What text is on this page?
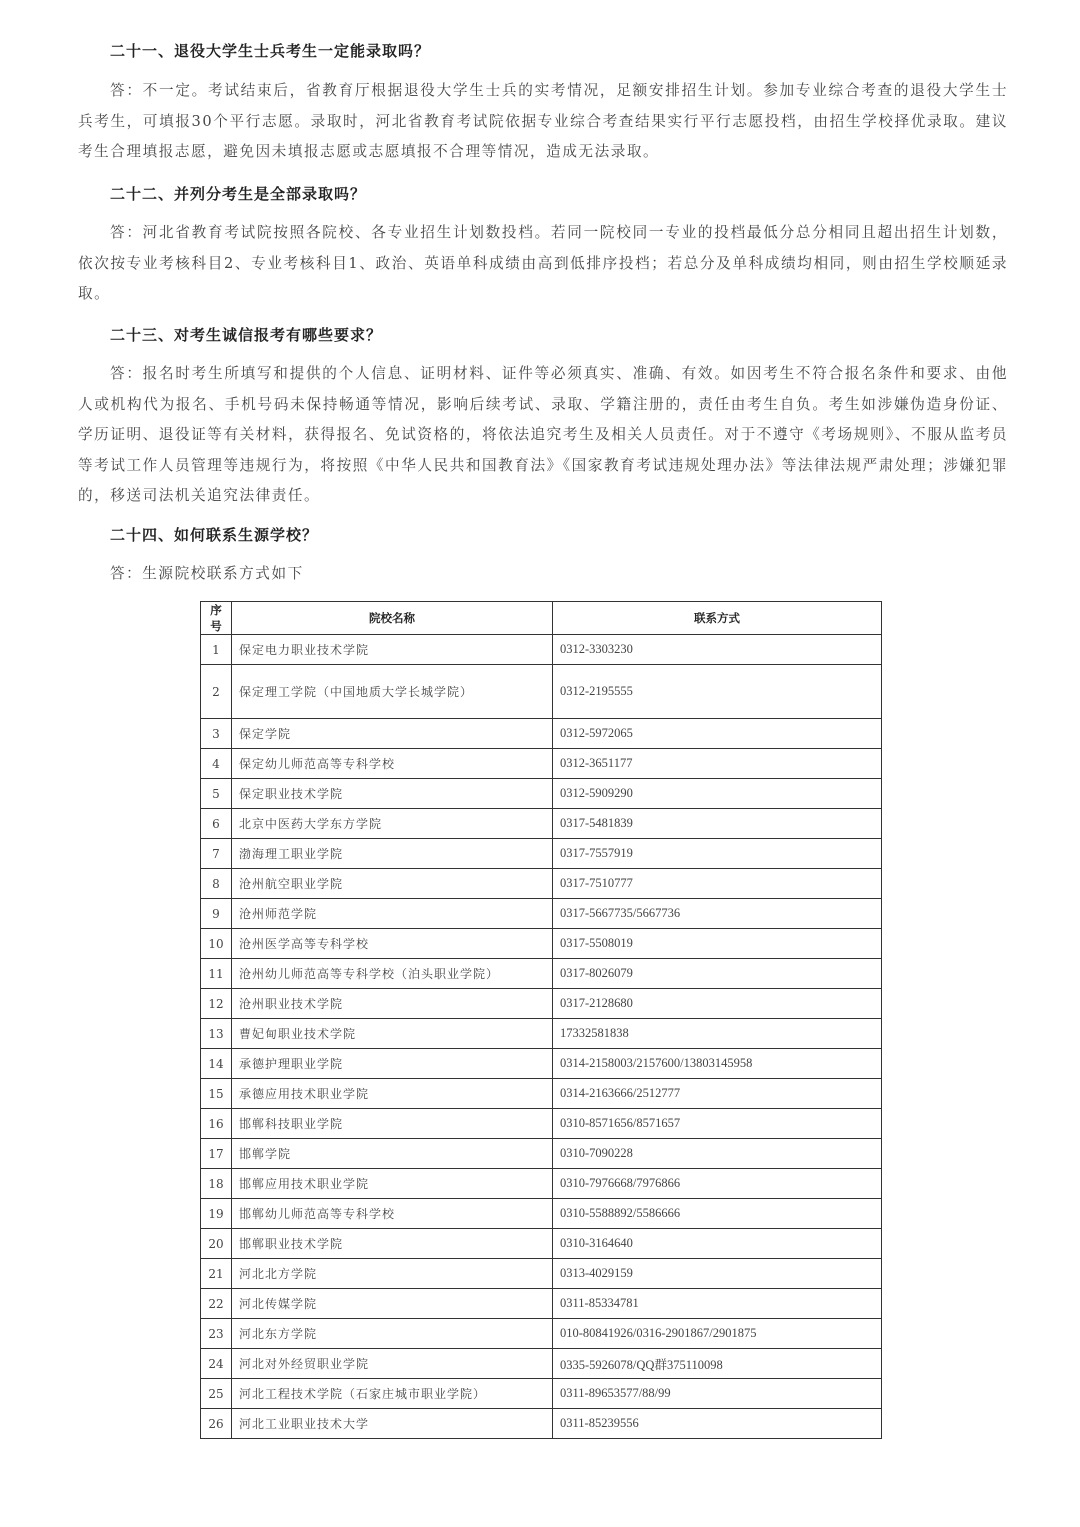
二十一、退役大学生士兵考生一定能录取吗？

答：不一定。考试结束后，省教育厅根据退役大学生士兵的实考情况，足额安排招生计划。参加专业综合考查的退役大学生士兵考生，可填报30个平行志愿。录取时，河北省教育考试院依据专业综合考查结果实行平行志愿投档，由招生学校择优录取。建议考生合理填报志愿，避免因未填报志愿或志愿填报不合理等情况，造成无法录取。

二十二、并列分考生是全部录取吗？

答：河北省教育考试院按照各院校、各专业招生计划数投档。若同一院校同一专业的投档最低分总分相同且超出招生计划数，依次按专业考核科目2、专业考核科目1、政治、英语单科成绩由高到低排序投档；若总分及单科成绩均相同，则由招生学校顺延录取。

二十三、对考生诚信报考有哪些要求？

答：报名时考生所填写和提供的个人信息、证明材料、证件等必须真实、准确、有效。如因考生不符合报名条件和要求、由他人或机构代为报名、手机号码未保持畅通等情况，影响后续考试、录取、学籍注册的，责任由考生自负。考生如涉嫌伪造身份证、学历证明、退役证等有关材料，获得报名、免试资格的，将依法追究考生及相关人员责任。对于不遵守《考场规则》、不服从监考员等考试工作人员管理等违规行为，将按照《中华人民共和国教育法》《国家教育考试违规处理办法》等法律法规严肃处理；涉嫌犯罪的，移送司法机关追究法律责任。

二十四、如何联系生源学校？

答：生源院校联系方式如下

序号	院校名称	联系方式
1	保定电力职业技术学院	0312-3303230
2	保定理工学院（中国地质大学长城学院）	0312-2195555
3	保定学院	0312-5972065
4	保定幼儿师范高等专科学校	0312-3651177
5	保定职业技术学院	0312-5909290
6	北京中医药大学东方学院	0317-5481839
7	渤海理工职业学院	0317-7557919
8	沧州航空职业学院	0317-7510777
9	沧州师范学院	0317-5667735/5667736
10	沧州医学高等专科学校	0317-5508019
11	沧州幼儿师范高等专科学校（泊头职业学院）	0317-8026079
12	沧州职业技术学院	0317-2128680
13	曹妃甸职业技术学院	17332581838
14	承德护理职业学院	0314-2158003/2157600/13803145958
15	承德应用技术职业学院	0314-2163666/2512777
16	邯郸科技职业学院	0310-8571656/8571657
17	邯郸学院	0310-7090228
18	邯郸应用技术职业学院	0310-7976668/7976866
19	邯郸幼儿师范高等专科学校	0310-5588892/5586666
20	邯郸职业技术学院	0310-3164640
21	河北北方学院	0313-4029159
22	河北传媒学院	0311-85334781
23	河北东方学院	010-80841926/0316-2901867/2901875
24	河北对外经贸职业学院	0335-5926078/QQ群375110098
25	河北工程技术学院（石家庄城市职业学院）	0311-89653577/88/99
26	河北工业职业技术大学	0311-85239556
